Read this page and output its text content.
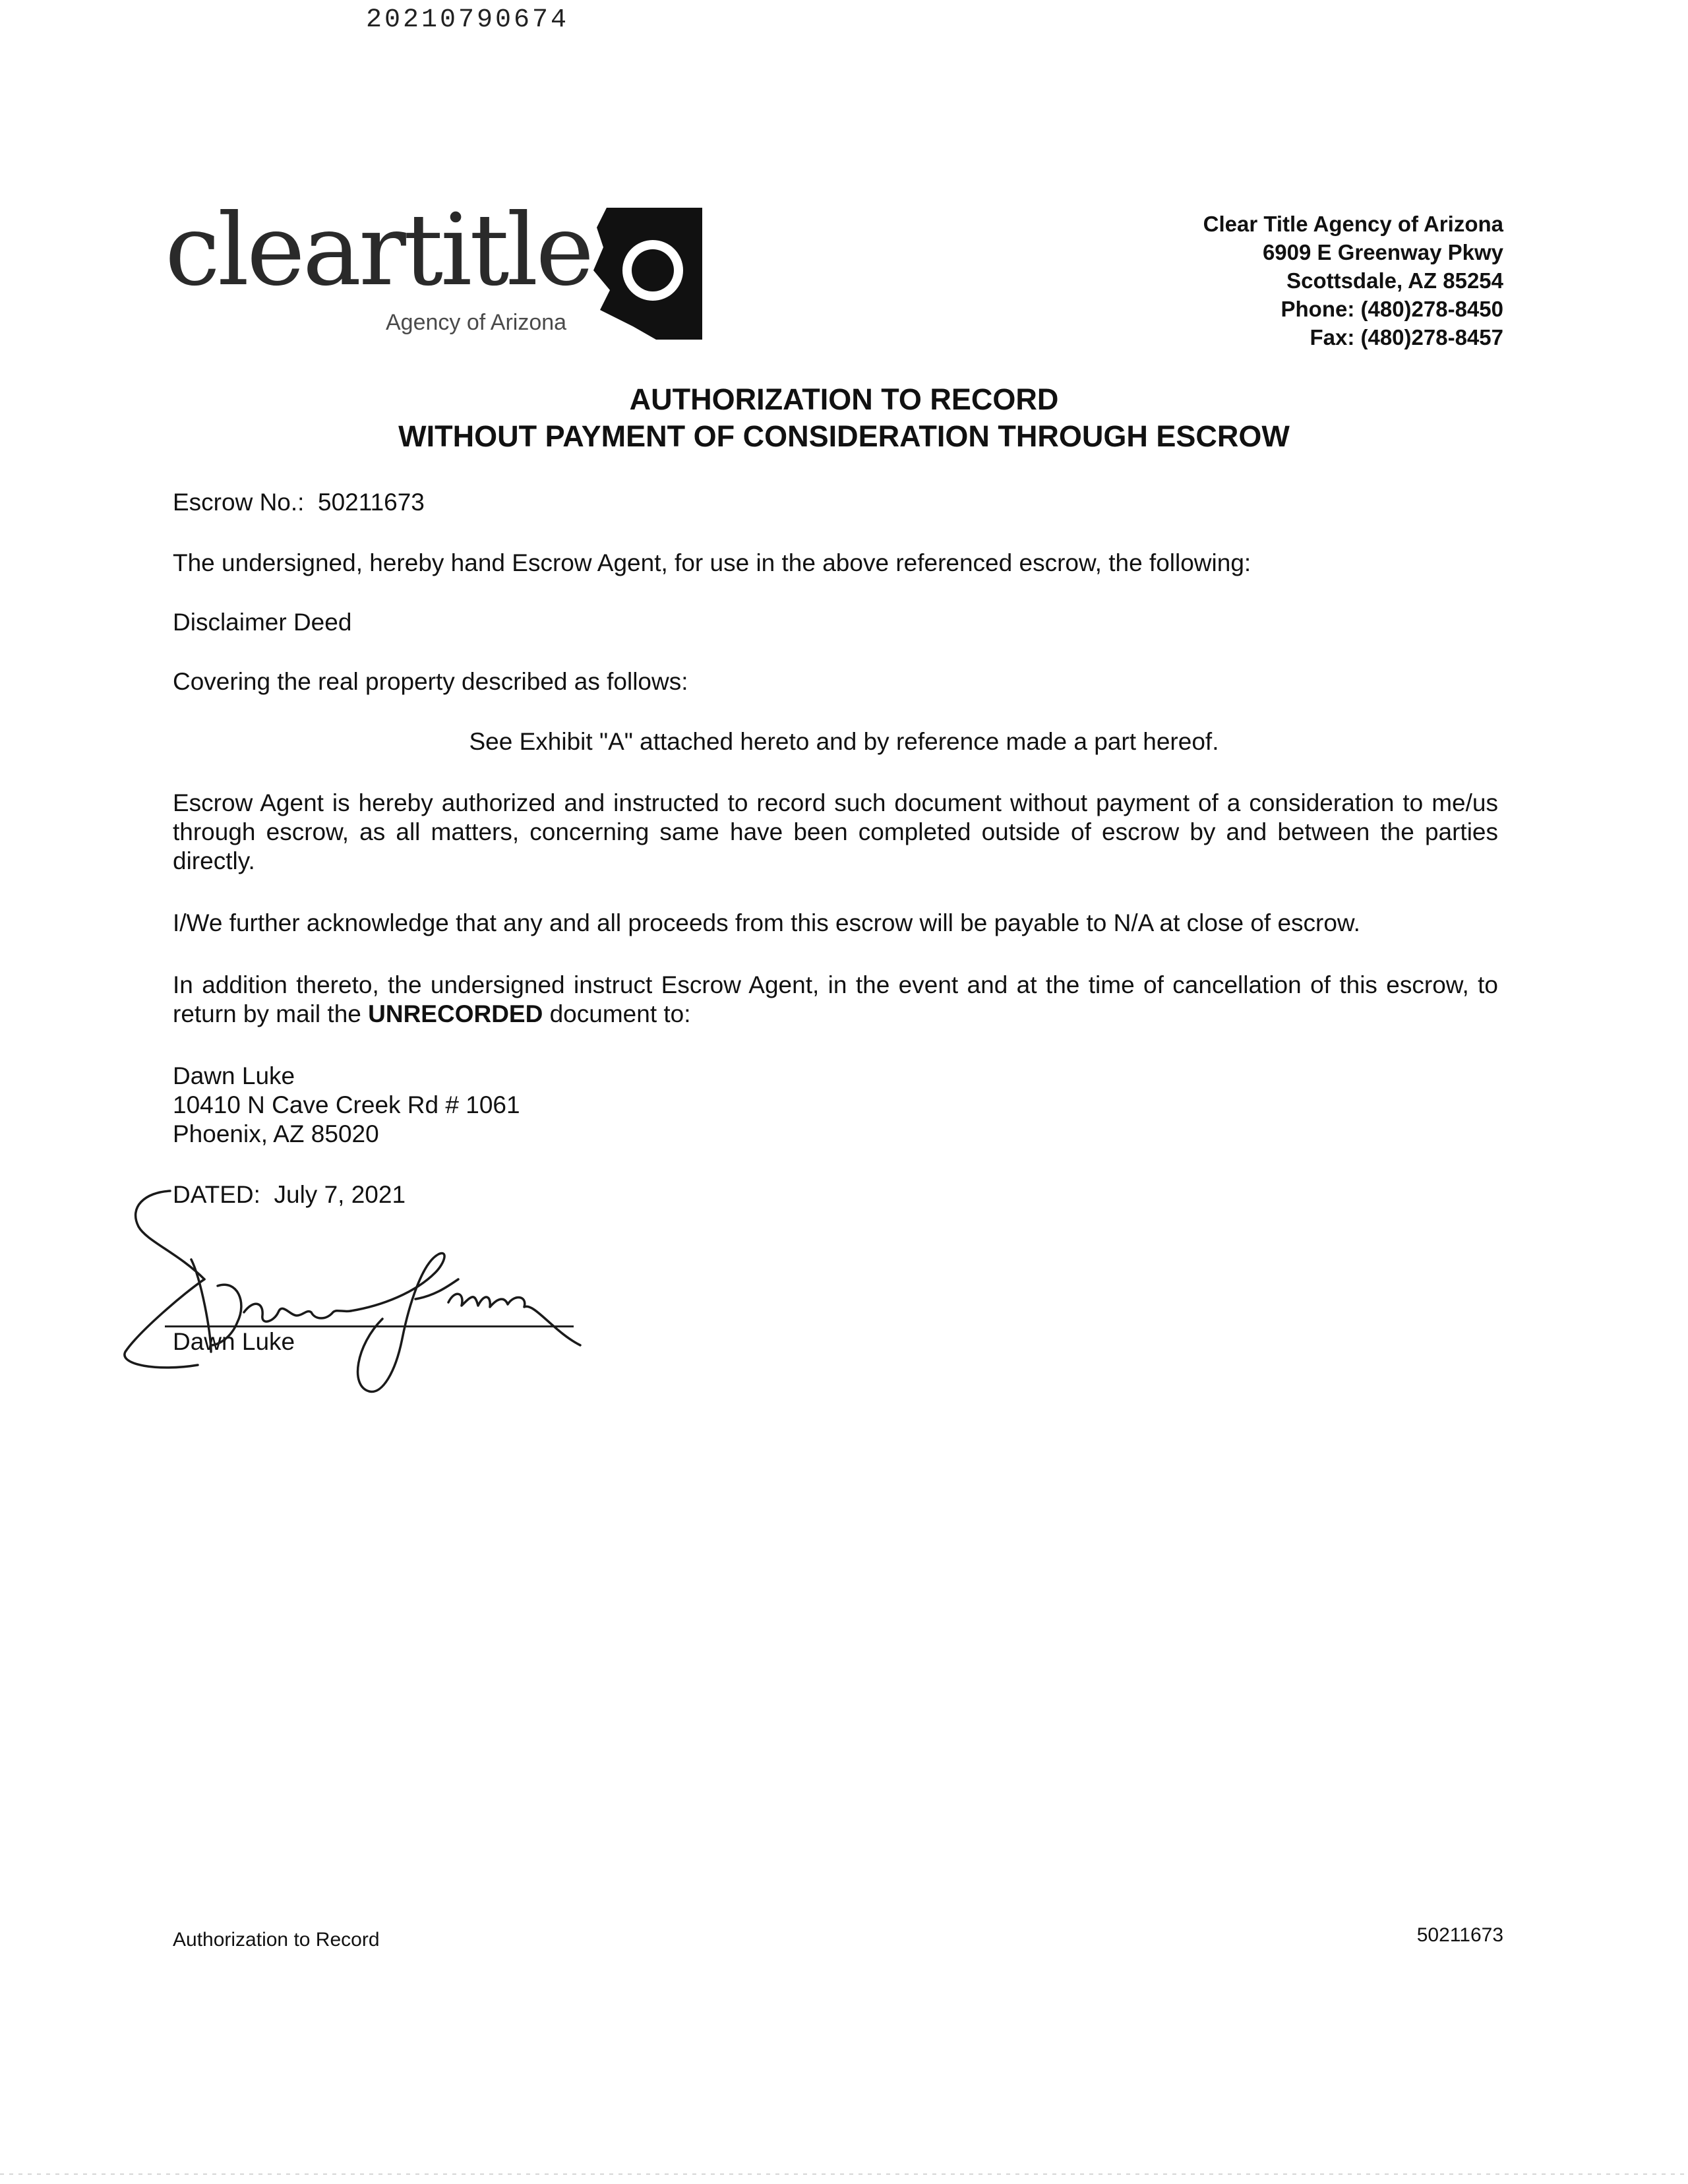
20210790674
cleartitle
Agency of Arizona
Clear Title Agency of Arizona
6909 E Greenway Pkwy
Scottsdale, AZ 85254
Phone: (480)278-8450
Fax: (480)278-8457
AUTHORIZATION TO RECORD
WITHOUT PAYMENT OF CONSIDERATION THROUGH ESCROW
Escrow No.: 50211673
The undersigned, hereby hand Escrow Agent, for use in the above referenced escrow, the following:
Disclaimer Deed
Covering the real property described as follows:
See Exhibit "A" attached hereto and by reference made a part hereof.
Escrow Agent is hereby authorized and instructed to record such document without payment of a consideration to me/us through escrow, as all matters, concerning same have been completed outside of escrow by and between the parties directly.
I/We further acknowledge that any and all proceeds from this escrow will be payable to N/A at close of escrow.
In addition thereto, the undersigned instruct Escrow Agent, in the event and at the time of cancellation of this escrow, to return by mail the UNRECORDED document to:
Dawn Luke
10410 N Cave Creek Rd # 1061
Phoenix, AZ 85020
DATED: July 7, 2021
Dawn Luke
Authorization to Record	50211673
